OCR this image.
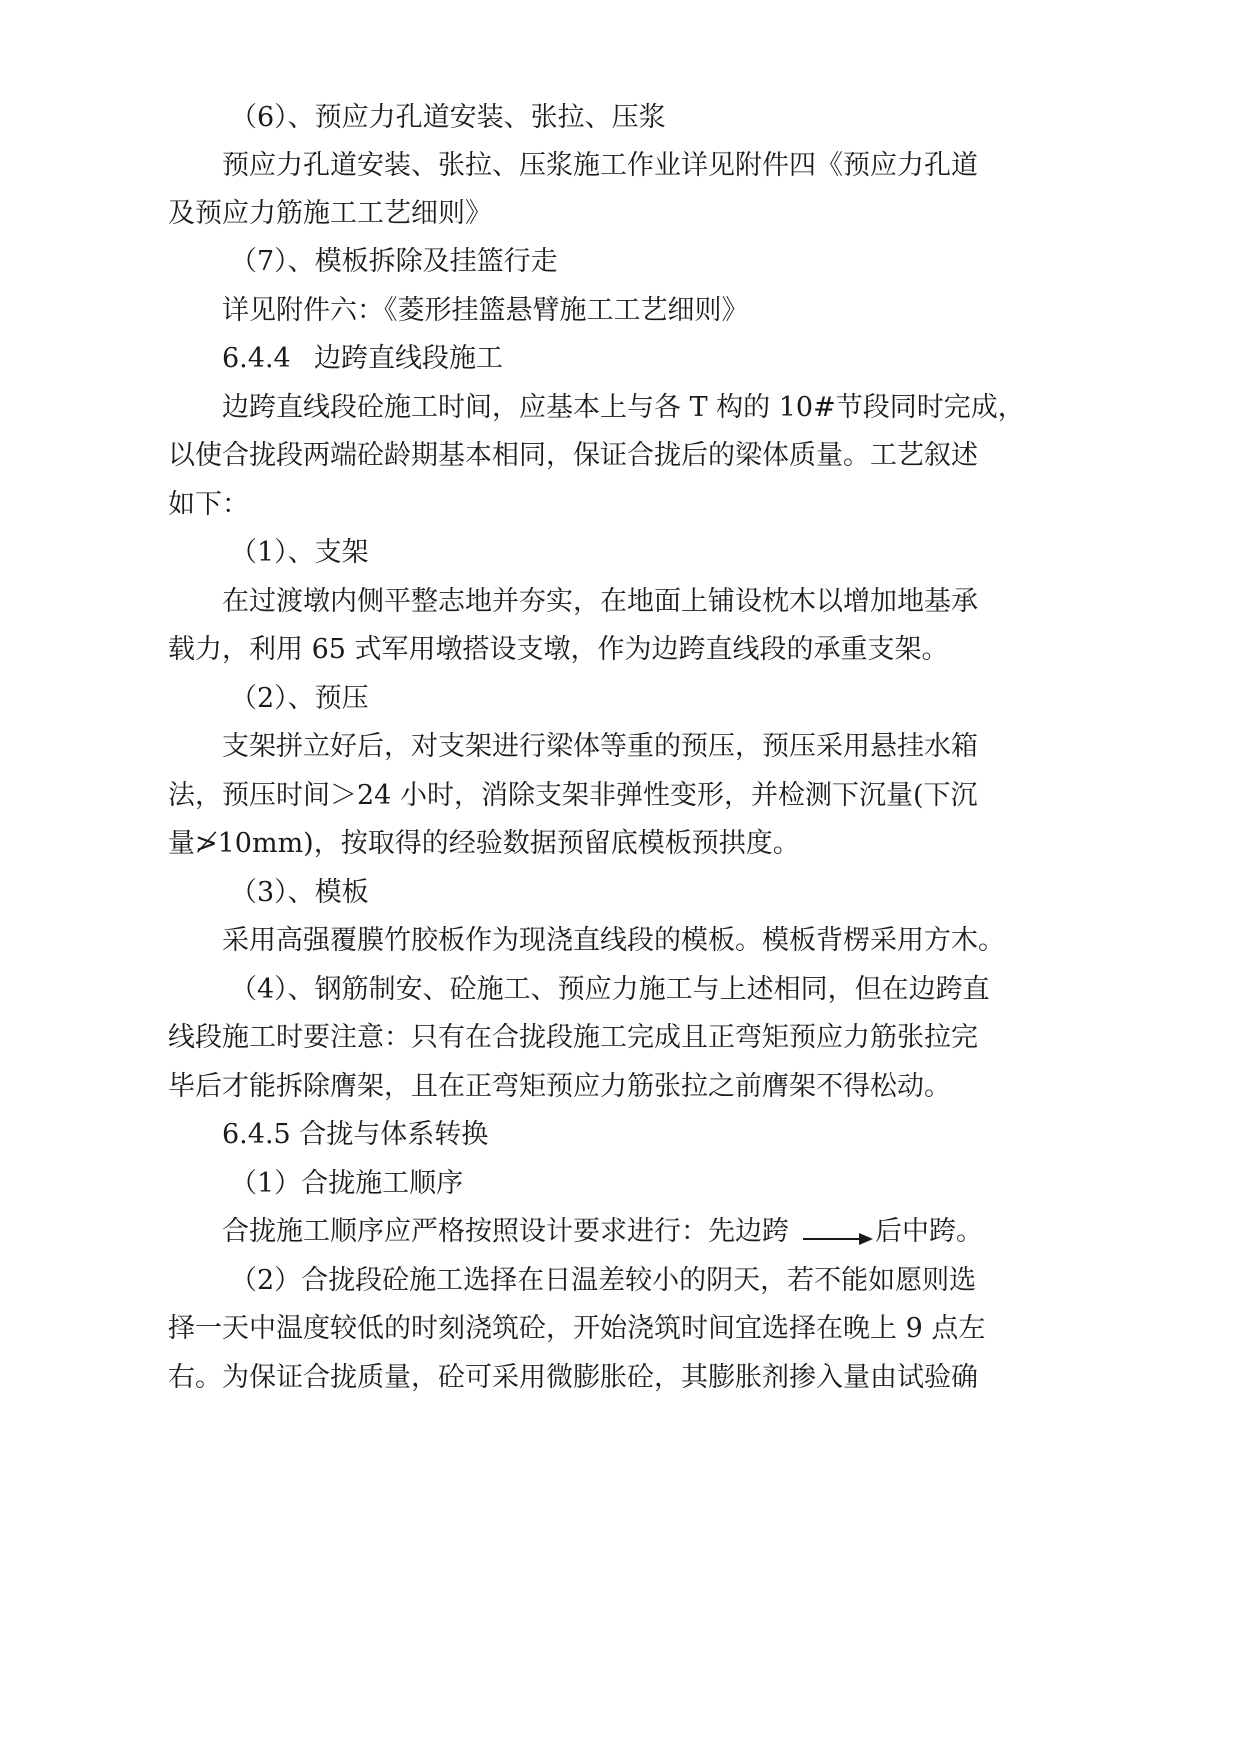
（6）、预应力孔道安装、张拉、压浆
预应力孔道安装、张拉、压浆施工作业详见附件四《预应力孔道
及预应力筋施工工艺细则》
（7）、模板拆除及挂篮行走
详见附件六：《菱形挂篮悬臂施工工艺细则》
6.4.4 边跨直线段施工
边跨直线段砼施工时间，应基本上与各 T 构的 10#节段同时完成，
以使合拢段两端砼龄期基本相同，保证合拢后的梁体质量。工艺叙述
如下：
（1）、支架
在过渡墩内侧平整志地并夯实，在地面上铺设枕木以增加地基承
载力，利用 65 式军用墩搭设支墩，作为边跨直线段的承重支架。
（2）、预压
支架拼立好后，对支架进行梁体等重的预压，预压采用悬挂水箱
法，预压时间＞24 小时，消除支架非弹性变形，并检测下沉量(下沉
量≯10mm)，按取得的经验数据预留底模板预拱度。
（3）、模板
采用高强覆膜竹胶板作为现浇直线段的模板。模板背楞采用方木。
（4）、钢筋制安、砼施工、预应力施工与上述相同，但在边跨直
线段施工时要注意：只有在合拢段施工完成且正弯矩预应力筋张拉完
毕后才能拆除膺架，且在正弯矩预应力筋张拉之前膺架不得松动。
6.4.5 合拢与体系转换
（1）合拢施工顺序
合拢施工顺序应严格按照设计要求进行：先边跨	后中跨。
（2）合拢段砼施工选择在日温差较小的阴天，若不能如愿则选
择一天中温度较低的时刻浇筑砼，开始浇筑时间宜选择在晚上 9 点左
右。为保证合拢质量，砼可采用微膨胀砼，其膨胀剂掺入量由试验确
